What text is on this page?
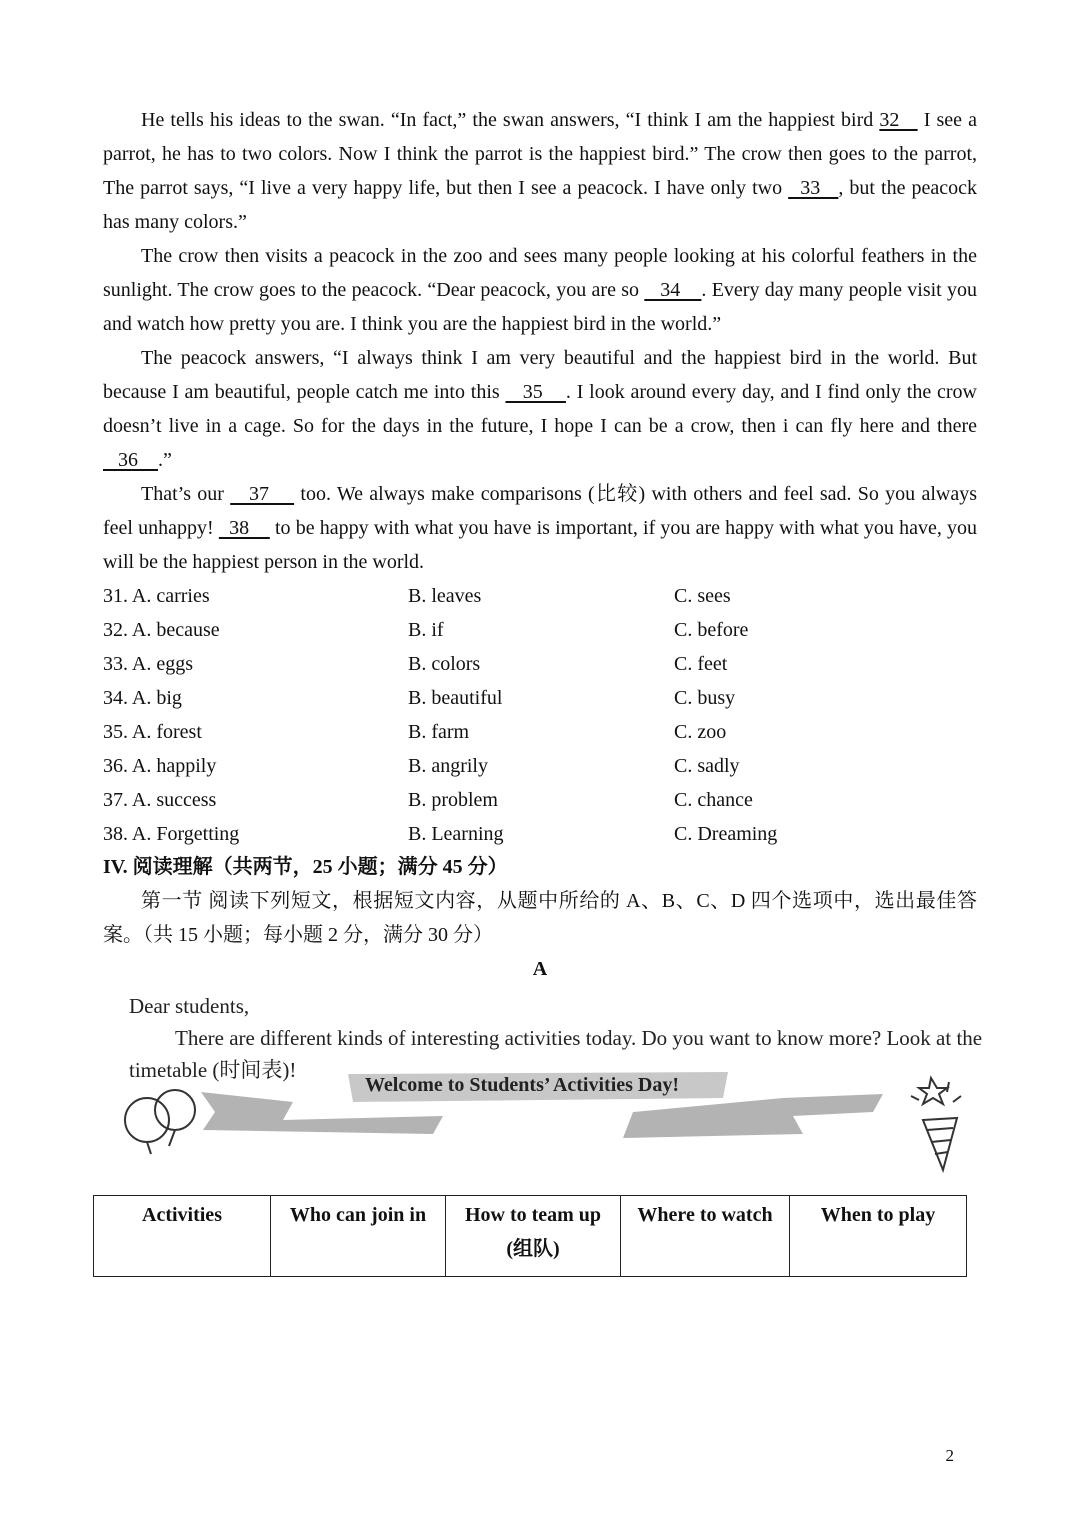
He tells his ideas to the swan. “In fact,” the swan answers, “I think I am the happiest bird 32    I see a parrot, he has to two colors. Now I think the parrot is the happiest bird.” The crow then goes to the parrot, The parrot says, “I live a very happy life, but then I see a peacock. I have only two   33   , but the peacock has many colors.”

The crow then visits a peacock in the zoo and sees many people looking at his colorful feathers in the sunlight. The crow goes to the peacock. “Dear peacock, you are so    34    . Every day many people visit you and watch how pretty you are. I think you are the happiest bird in the world.”

The peacock answers, “I always think I am very beautiful and the happiest bird in the world. But because I am beautiful, people catch me into this    35    . I look around every day, and I find only the crow doesn’t live in a cage. So for the days in the future, I hope I can be a crow, then i can fly here and there    36    .”

That’s our    37     too. We always make comparisons (比较) with others and feel sad. So you always feel unhappy!   38     to be happy with what you have is important, if you are happy with what you have, you will be the happiest person in the world.

31. A. carries	B. leaves	C. sees
32. A. because	B. if	C. before
33. A. eggs	B. colors	C. feet
34. A. big	B. beautiful	C. busy
35. A. forest	B. farm	C. zoo
36. A. happily	B. angrily	C. sadly
37. A. success	B. problem	C. chance
38. A. Forgetting	B. Learning	C. Dreaming
IV. 阅读理解（共两节，25 小题；满分 45 分）

第一节 阅读下列短文，根据短文内容，从题中所给的 A、B、C、D 四个选项中，选出最佳答案。（共 15 小题；每小题 2 分，满分 30 分）

A

Dear students,

There are different kinds of interesting activities today. Do you want to know more? Look at the timetable (时间表)!

Welcome to Students’ Activities Day!
Activities	Who can join in	How to team up (组队)	Where to watch	When to play
2
